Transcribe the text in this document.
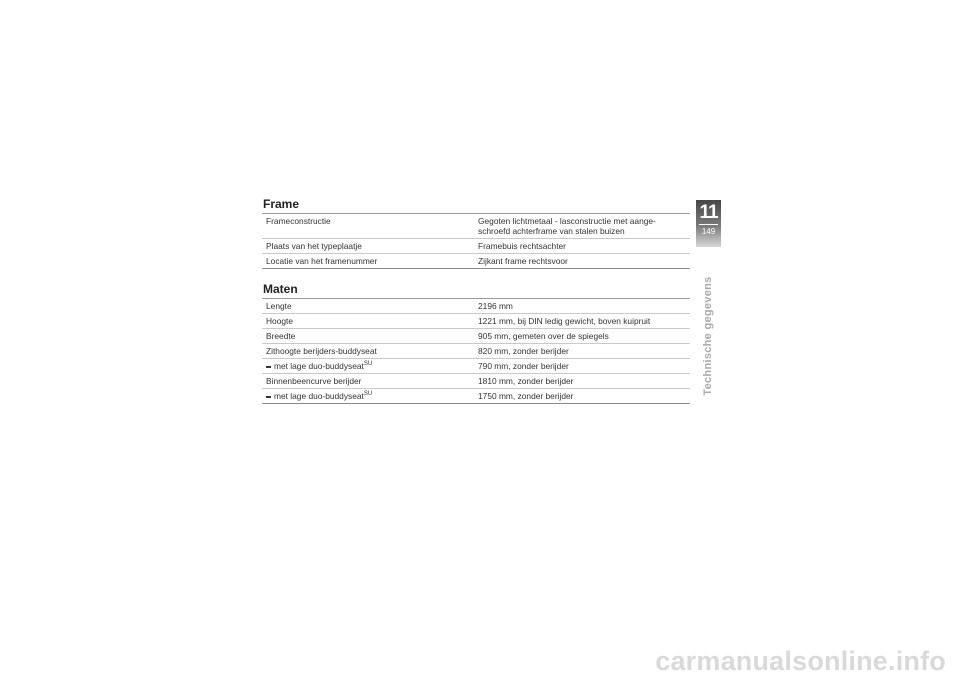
Frame
Frameconstructie	Gegoten lichtmetaal - lasconstructie met aange-
schroefd achterframe van stalen buizen
Plaats van het typeplaatje	Framebuis rechtsachter
Locatie van het framenummer	Zijkant frame rechtsvoor
Maten
Lengte	2196 mm
Hoogte	1221 mm, bij DIN ledig gewicht, boven kuipruit
Breedte	905 mm, gemeten over de spiegels
Zithoogte berijders-buddyseat	820 mm, zonder berijder
met lage duo-buddyseat$^{SU}$	790 mm, zonder berijder
Binnenbeencurve berijder	1810 mm, zonder berijder
met lage duo-buddyseat$^{SU}$	1750 mm, zonder berijder
11
149
Technische gegevens
carmanualsonline.info
